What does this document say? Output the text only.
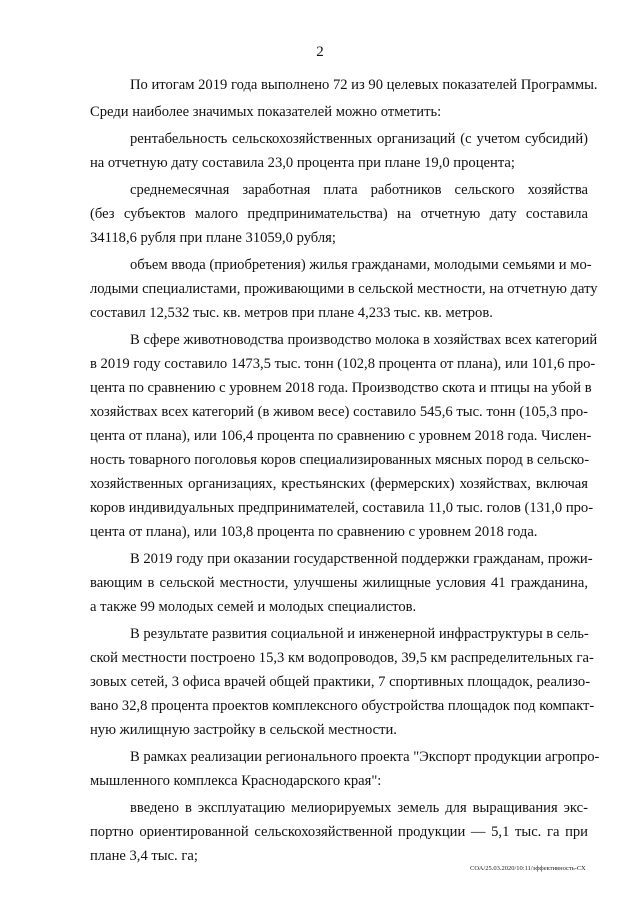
2
По итогам 2019 года выполнено 72 из 90 целевых показателей Программы.
Среди наиболее значимых показателей можно отметить:
рентабельность сельскохозяйственных организаций (с учетом субсидий)
на отчетную дату составила 23,0 процента при плане 19,0 процента;
среднемесячная заработная плата работников сельского хозяйства
(без субъектов малого предпринимательства) на отчетную дату составила
34118,6 рубля при плане 31059,0 рубля;
объем ввода (приобретения) жилья гражданами, молодыми семьями и мо-
лодыми специалистами, проживающими в сельской местности, на отчетную дату
составил 12,532 тыс. кв. метров при плане 4,233 тыс. кв. метров.
В сфере животноводства производство молока в хозяйствах всех категорий
в 2019 году составило 1473,5 тыс. тонн (102,8 процента от плана), или 101,6 про-
цента по сравнению с уровнем 2018 года. Производство скота и птицы на убой в
хозяйствах всех категорий (в живом весе) составило 545,6 тыс. тонн (105,3 про-
цента от плана), или 106,4 процента по сравнению с уровнем 2018 года. Числен-
ность товарного поголовья коров специализированных мясных пород в сельско-
хозяйственных организациях, крестьянских (фермерских) хозяйствах, включая
коров индивидуальных предпринимателей, составила 11,0 тыс. голов (131,0 про-
цента от плана), или 103,8 процента по сравнению с уровнем 2018 года.
В 2019 году при оказании государственной поддержки гражданам, прожи-
вающим в сельской местности, улучшены жилищные условия 41 гражданина,
а также 99 молодых семей и молодых специалистов.
В результате развития социальной и инженерной инфраструктуры в сель-
ской местности построено 15,3 км водопроводов, 39,5 км распределительных га-
зовых сетей, 3 офиса врачей общей практики, 7 спортивных площадок, реализо-
вано 32,8 процента проектов комплексного обустройства площадок под компакт-
ную жилищную застройку в сельской местности.
В рамках реализации регионального проекта "Экспорт продукции агропро-
мышленного комплекса Краснодарского края":
введено в эксплуатацию мелиорируемых земель для выращивания экс-
портно ориентированной сельскохозяйственной продукции — 5,1 тыс. га при
плане 3,4 тыс. га;
СОА/25.03.2020/10:11/эффективность-СХ
